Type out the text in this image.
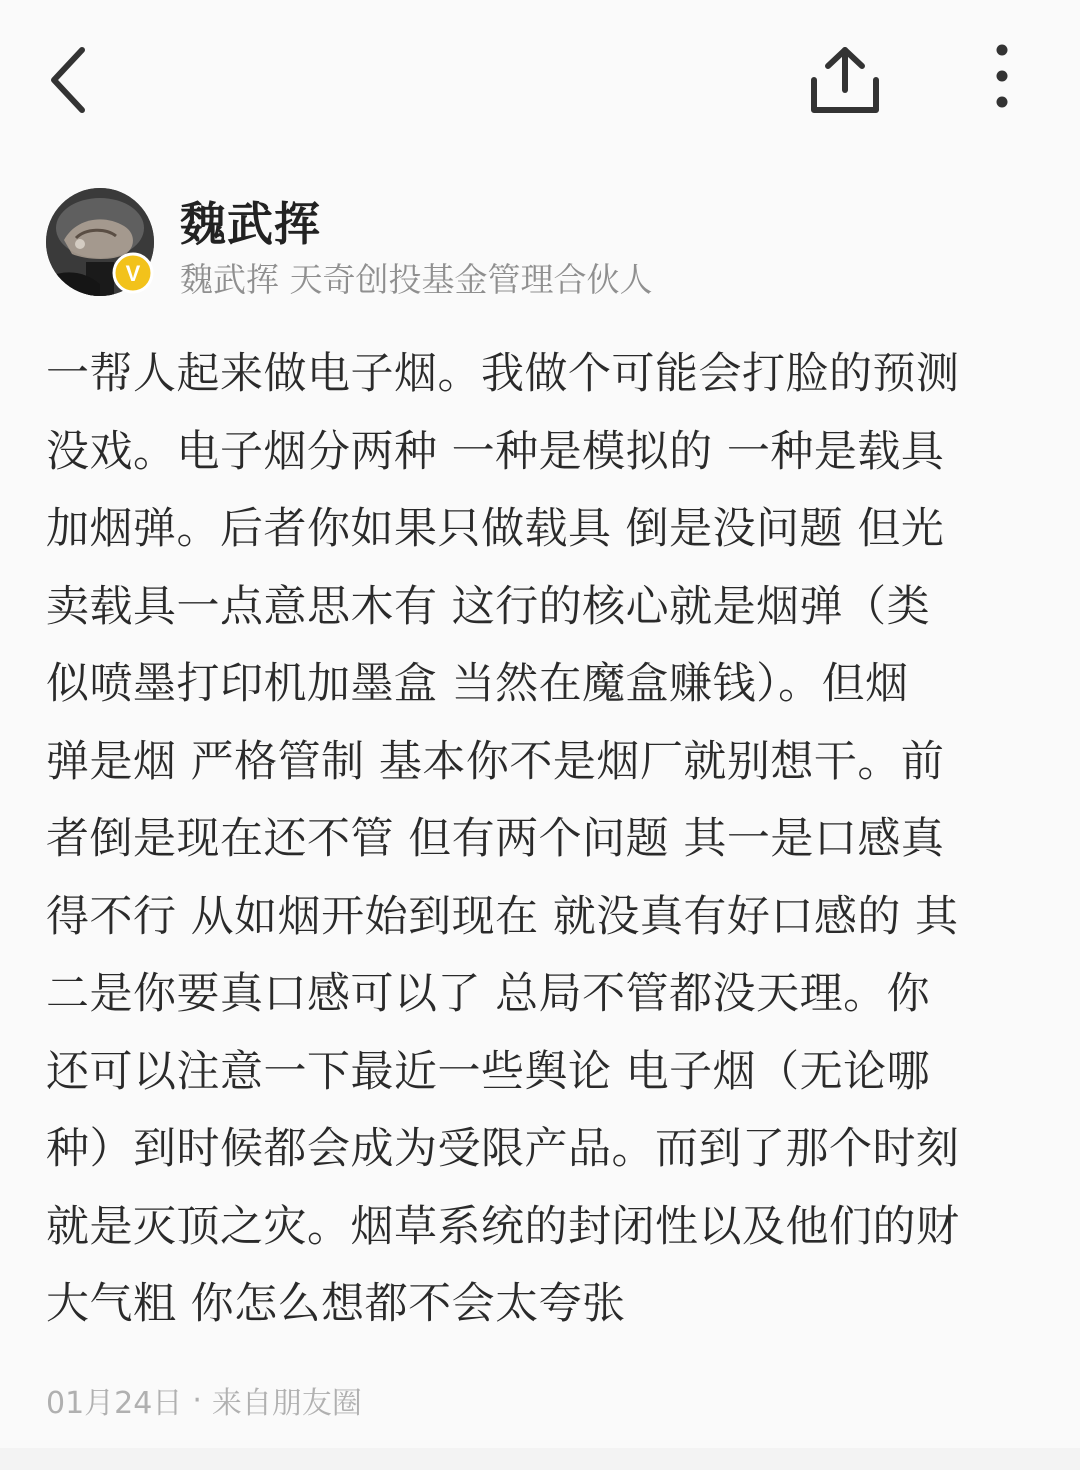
V
魏武挥
魏武挥 天奇创投基金管理合伙人
一帮人起来做电子烟。我做个可能会打脸的预测
没戏。电子烟分两种 一种是模拟的 一种是载具
加烟弹。后者你如果只做载具 倒是没问题 但光
卖载具一点意思木有 这行的核心就是烟弹（类
似喷墨打印机加墨盒 当然在魔盒赚钱）。但烟
弹是烟 严格管制 基本你不是烟厂就别想干。前
者倒是现在还不管 但有两个问题 其一是口感真
得不行 从如烟开始到现在 就没真有好口感的 其
二是你要真口感可以了 总局不管都没天理。你
还可以注意一下最近一些舆论 电子烟（无论哪
种）到时候都会成为受限产品。而到了那个时刻
就是灭顶之灾。烟草系统的封闭性以及他们的财
大气粗 你怎么想都不会太夸张
01月24日 · 来自朋友圈
